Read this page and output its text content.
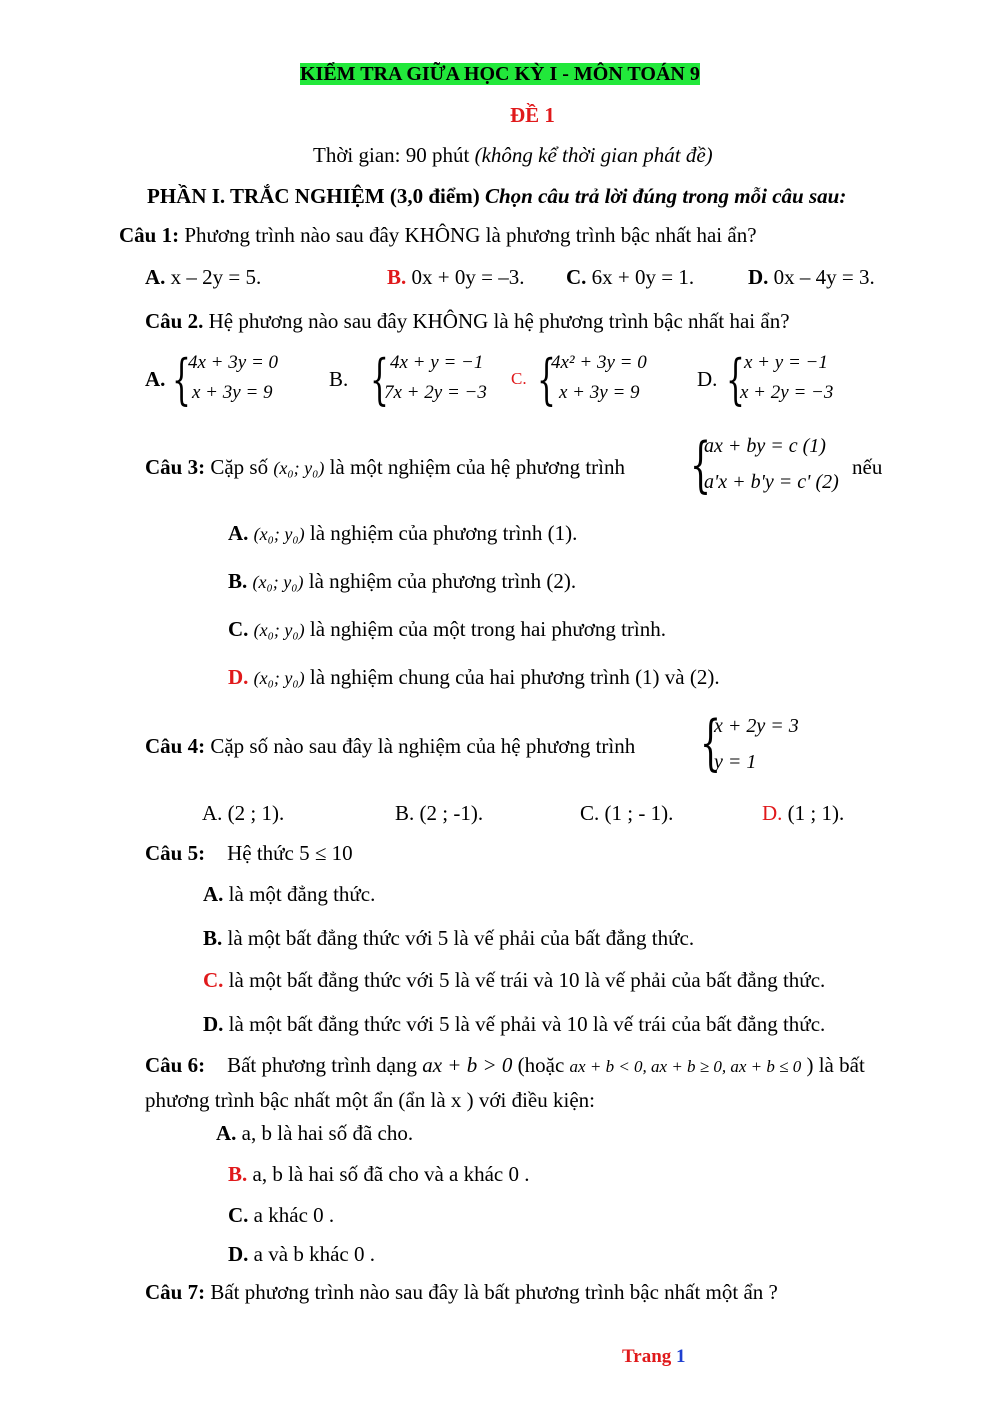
KIỂM TRA GIỮA HỌC KỲ I - MÔN TOÁN 9
ĐỀ 1
Thời gian: 90 phút (không kể thời gian phát đề)
PHẦN I. TRẮC NGHIỆM (3,0 điểm) Chọn câu trả lời đúng trong mỗi câu sau:
Câu 1: Phương trình nào sau đây KHÔNG là phương trình bậc nhất hai ẩn?
A. x – 2y = 5.	B. 0x + 0y = –3. C. 6x + 0y = 1.	D. 0x – 4y = 3.
Câu 2. Hệ phương nào sau đây KHÔNG là hệ phương trình bậc nhất hai ẩn?
A. {
4x + 3y = 0
x + 3y = 9
B. { 4x + y = −1
7x + 2y = −3
C. {
4x² + 3y = 0
x + 3y = 9
D. { x + y = −1
x + 2y = −3
Câu 3: Cặp số (x₀; y₀) là một nghiệm của hệ phương trình {
ax + by = c (1)
a'x + b'y = c' (2)
nếu
A. (x₀; y₀) là nghiệm của phương trình (1).
B. (x₀; y₀) là nghiệm của phương trình (2).
C. (x₀; y₀) là nghiệm của một trong hai phương trình.
D. (x₀; y₀) là nghiệm chung của hai phương trình (1) và (2).
Câu 4: Cặp số nào sau đây là nghiệm của hệ phương trình {
x + 2y = 3
y = 1
A. (2 ; 1).	B. (2 ; -1).	C. (1 ; - 1).	D. (1 ; 1).
Câu 5: Hệ thức 5 ≤ 10
A. là một đẳng thức.
B. là một bất đẳng thức với 5 là vế phải của bất đẳng thức.
C. là một bất đẳng thức với 5 là vế trái và 10 là vế phải của bất đẳng thức.
D. là một bất đẳng thức với 5 là vế phải và 10 là vế trái của bất đẳng thức.
Câu 6: Bất phương trình dạng ax + b > 0 (hoặc ax + b < 0, ax + b ≥ 0, ax + b ≤ 0 ) là bất
phương trình bậc nhất một ẩn (ẩn là x ) với điều kiện:
A. a, b là hai số đã cho.
B. a, b là hai số đã cho và a khác 0 .
C. a khác 0 .
D. a và b khác 0 .
Câu 7: Bất phương trình nào sau đây là bất phương trình bậc nhất một ẩn ?
Trang 1
